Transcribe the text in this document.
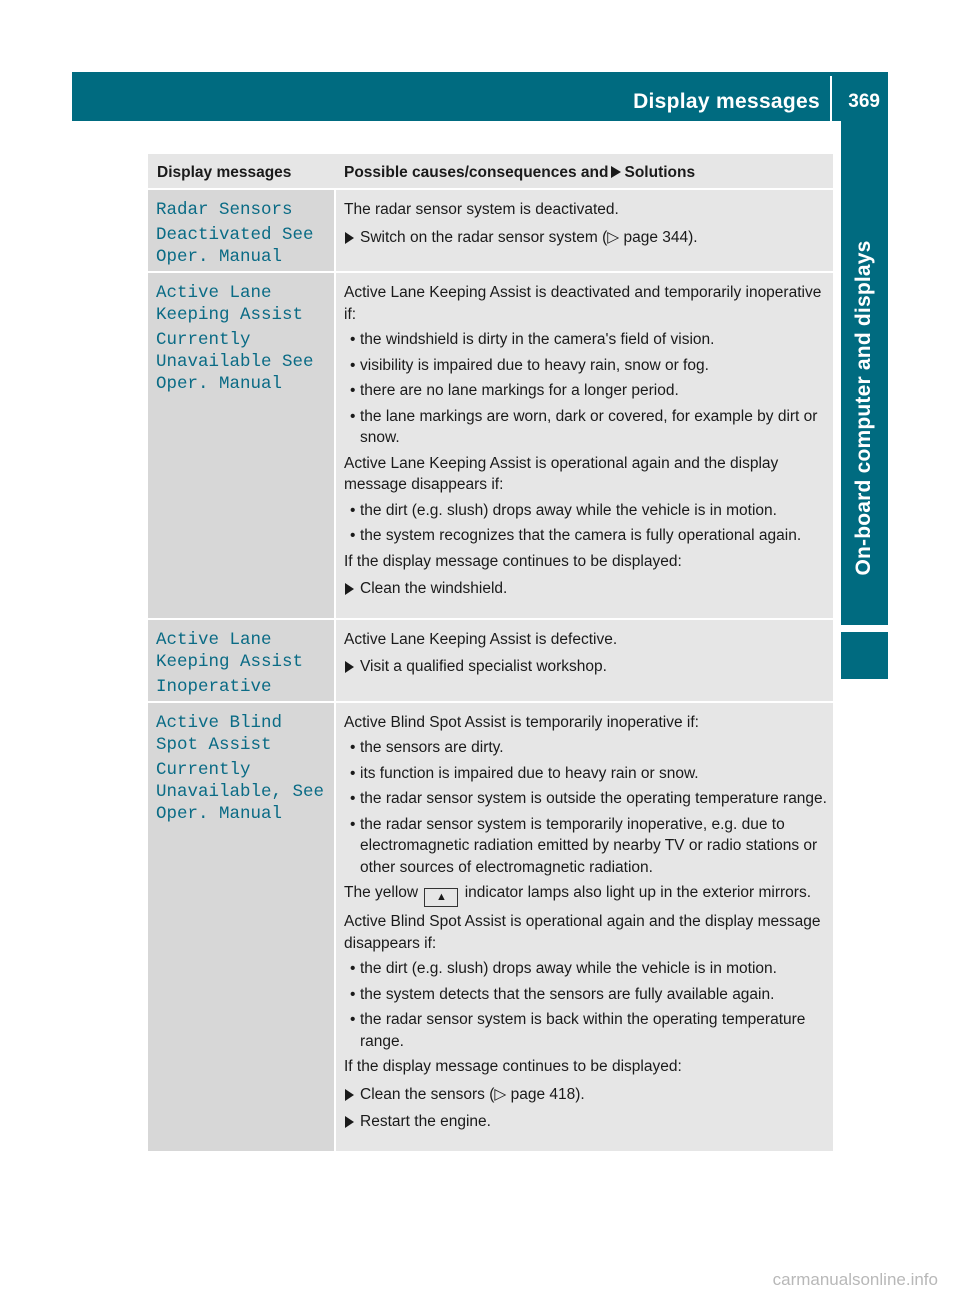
Display messages 369
On-board computer and displays
Display messages	Possible causes/consequences and Solutions
Radar Sensors
Deactivated See Oper. Manual
The radar sensor system is deactivated.
Switch on the radar sensor system (▷ page 344).
Active Lane Keeping Assist
Currently Unavailable See Oper. Manual
Active Lane Keeping Assist is deactivated and temporarily inoperative if:
• the windshield is dirty in the camera's field of vision.
• visibility is impaired due to heavy rain, snow or fog.
• there are no lane markings for a longer period.
• the lane markings are worn, dark or covered, for example by dirt or snow.
Active Lane Keeping Assist is operational again and the display message disappears if:
• the dirt (e.g. slush) drops away while the vehicle is in motion.
• the system recognizes that the camera is fully operational again.
If the display message continues to be displayed:
Clean the windshield.
Active Lane Keeping Assist
Inoperative
Active Lane Keeping Assist is defective.
Visit a qualified specialist workshop.
Active Blind Spot Assist
Currently Unavailable, See Oper. Manual
Active Blind Spot Assist is temporarily inoperative if:
• the sensors are dirty.
• its function is impaired due to heavy rain or snow.
• the radar sensor system is outside the operating temperature range.
• the radar sensor system is temporarily inoperative, e.g. due to electromagnetic radiation emitted by nearby TV or radio stations or other sources of electromagnetic radiation.
The yellow ▲ indicator lamps also light up in the exterior mirrors.
Active Blind Spot Assist is operational again and the display message disappears if:
• the dirt (e.g. slush) drops away while the vehicle is in motion.
• the system detects that the sensors are fully available again.
• the radar sensor system is back within the operating temperature range.
If the display message continues to be displayed:
Clean the sensors (▷ page 418).
Restart the engine.
carmanualsonline.info
